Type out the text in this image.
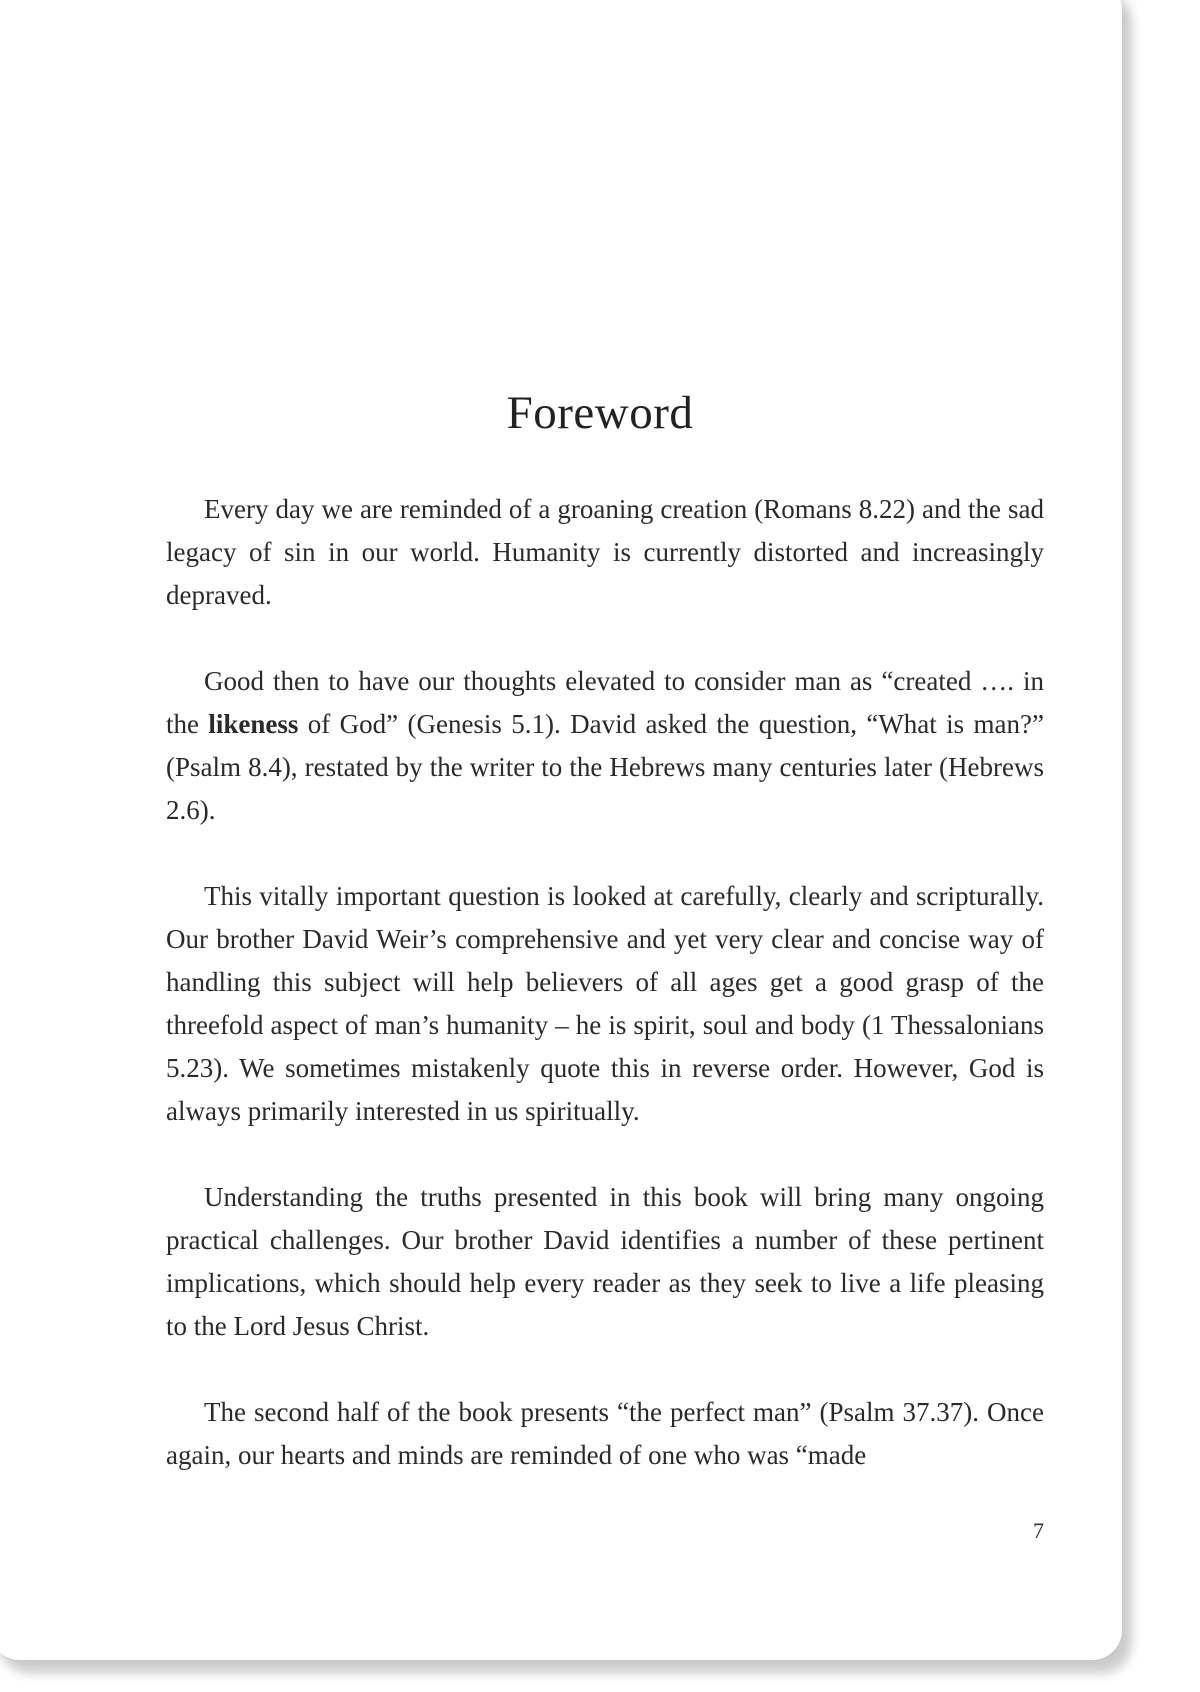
Foreword

Every day we are reminded of a groaning creation (Romans 8.22) and the sad legacy of sin in our world. Humanity is currently distorted and increasingly depraved.

Good then to have our thoughts elevated to consider man as “created …. in the likeness of God” (Genesis 5.1). David asked the question, “What is man?” (Psalm 8.4), restated by the writer to the Hebrews many centuries later (Hebrews 2.6).

This vitally important question is looked at carefully, clearly and scripturally. Our brother David Weir’s comprehensive and yet very clear and concise way of handling this subject will help believers of all ages get a good grasp of the threefold aspect of man’s humanity – he is spirit, soul and body (1 Thessalonians 5.23). We sometimes mistakenly quote this in reverse order. However, God is always primarily interested in us spiritually.

Understanding the truths presented in this book will bring many ongoing practical challenges. Our brother David identifies a number of these pertinent implications, which should help every reader as they seek to live a life pleasing to the Lord Jesus Christ.

The second half of the book presents “the perfect man” (Psalm 37.37). Once again, our hearts and minds are reminded of one who was “made

7
